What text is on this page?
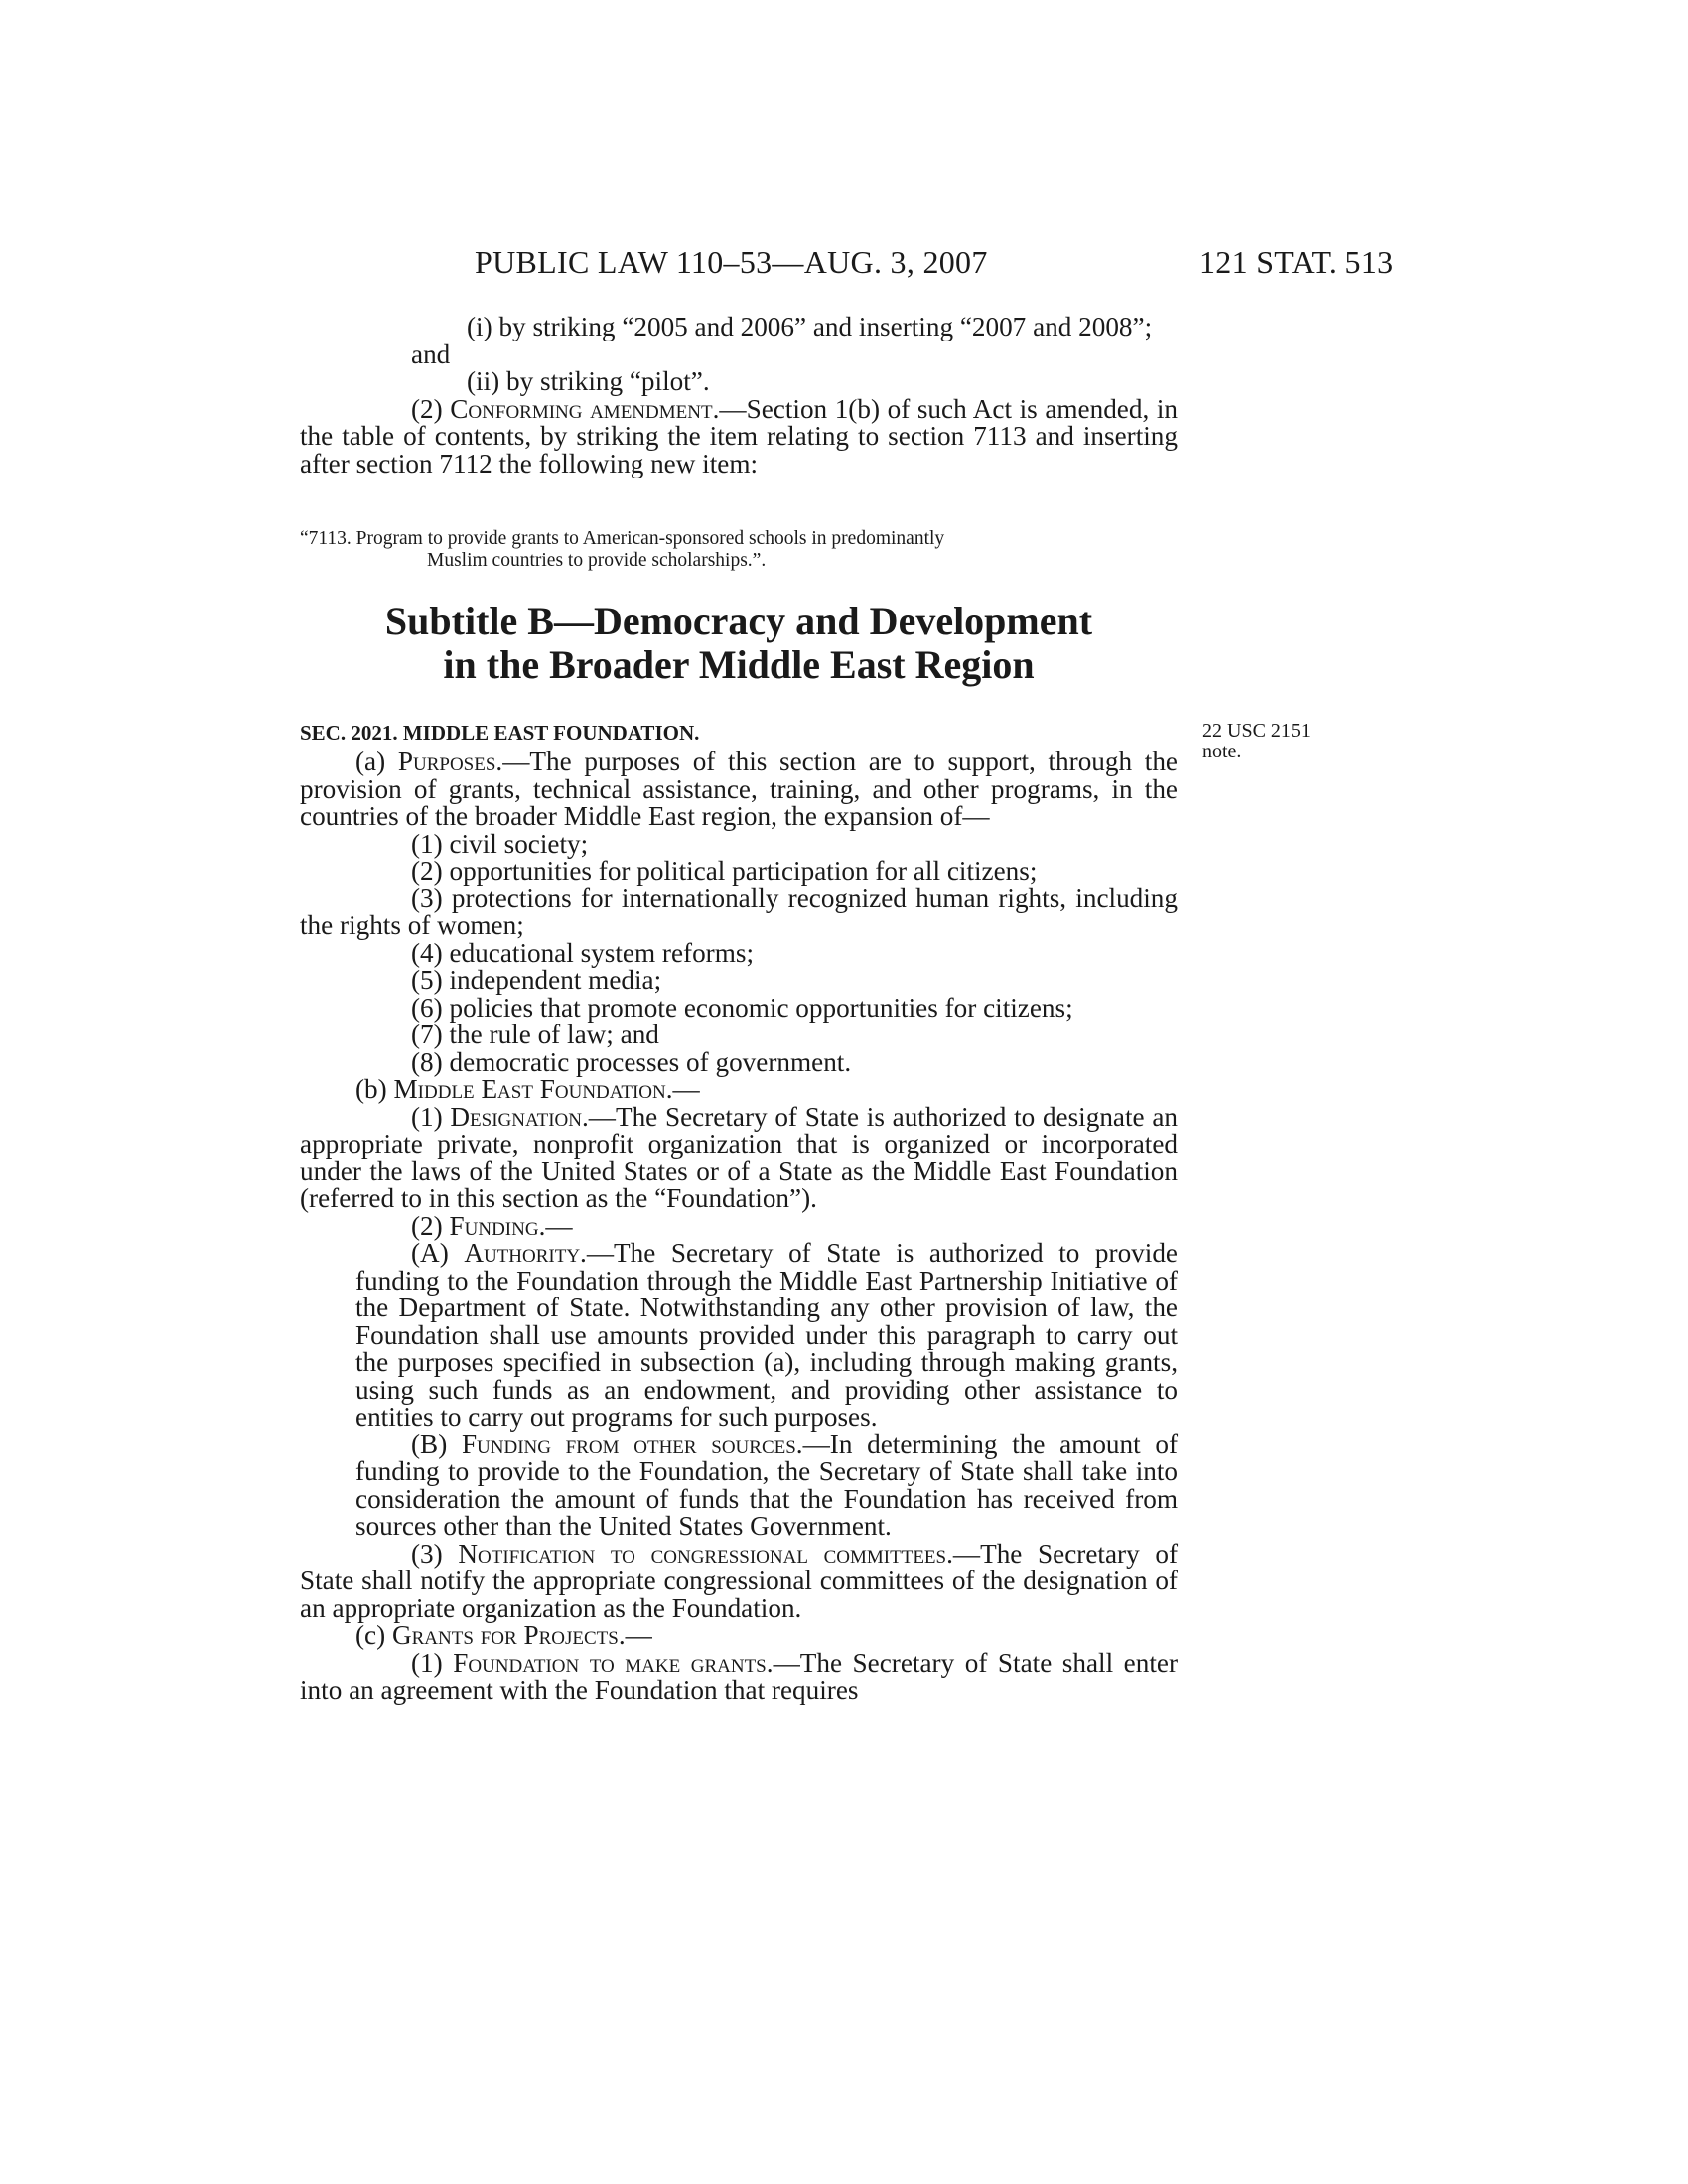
PUBLIC LAW 110–53—AUG. 3, 2007	121 STAT. 513

(i) by striking “2005 and 2006” and inserting “2007 and 2008”; and

(ii) by striking “pilot”.

(2) Conforming amendment.—Section 1(b) of such Act is amended, in the table of contents, by striking the item relating to section 7113 and inserting after section 7112 the following new item:

“7113. Program to provide grants to American-sponsored schools in predominantly

Muslim countries to provide scholarships.”.

Subtitle B—Democracy and Development
in the Broader Middle East Region
SEC. 2021. MIDDLE EAST FOUNDATION.	22 USC 2151 note.

(a) Purposes.—The purposes of this section are to support, through the provision of grants, technical assistance, training, and other programs, in the countries of the broader Middle East region, the expansion of—

(1) civil society;

(2) opportunities for political participation for all citizens;

(3) protections for internationally recognized human rights, including the rights of women;

(4) educational system reforms;

(5) independent media;

(6) policies that promote economic opportunities for citizens;

(7) the rule of law; and

(8) democratic processes of government.

(b) Middle East Foundation.—

(1) Designation.—The Secretary of State is authorized to designate an appropriate private, nonprofit organization that is organized or incorporated under the laws of the United States or of a State as the Middle East Foundation (referred to in this section as the “Foundation”).

(2) Funding.—

(A) Authority.—The Secretary of State is authorized to provide funding to the Foundation through the Middle East Partnership Initiative of the Department of State. Notwithstanding any other provision of law, the Foundation shall use amounts provided under this paragraph to carry out the purposes specified in subsection (a), including through making grants, using such funds as an endowment, and providing other assistance to entities to carry out programs for such purposes.

(B) Funding from other sources.—In determining the amount of funding to provide to the Foundation, the Secretary of State shall take into consideration the amount of funds that the Foundation has received from sources other than the United States Government.

(3) Notification to congressional committees.—The Secretary of State shall notify the appropriate congressional committees of the designation of an appropriate organization as the Foundation.

(c) Grants for Projects.—

(1) Foundation to make grants.—The Secretary of State shall enter into an agreement with the Foundation that requires
